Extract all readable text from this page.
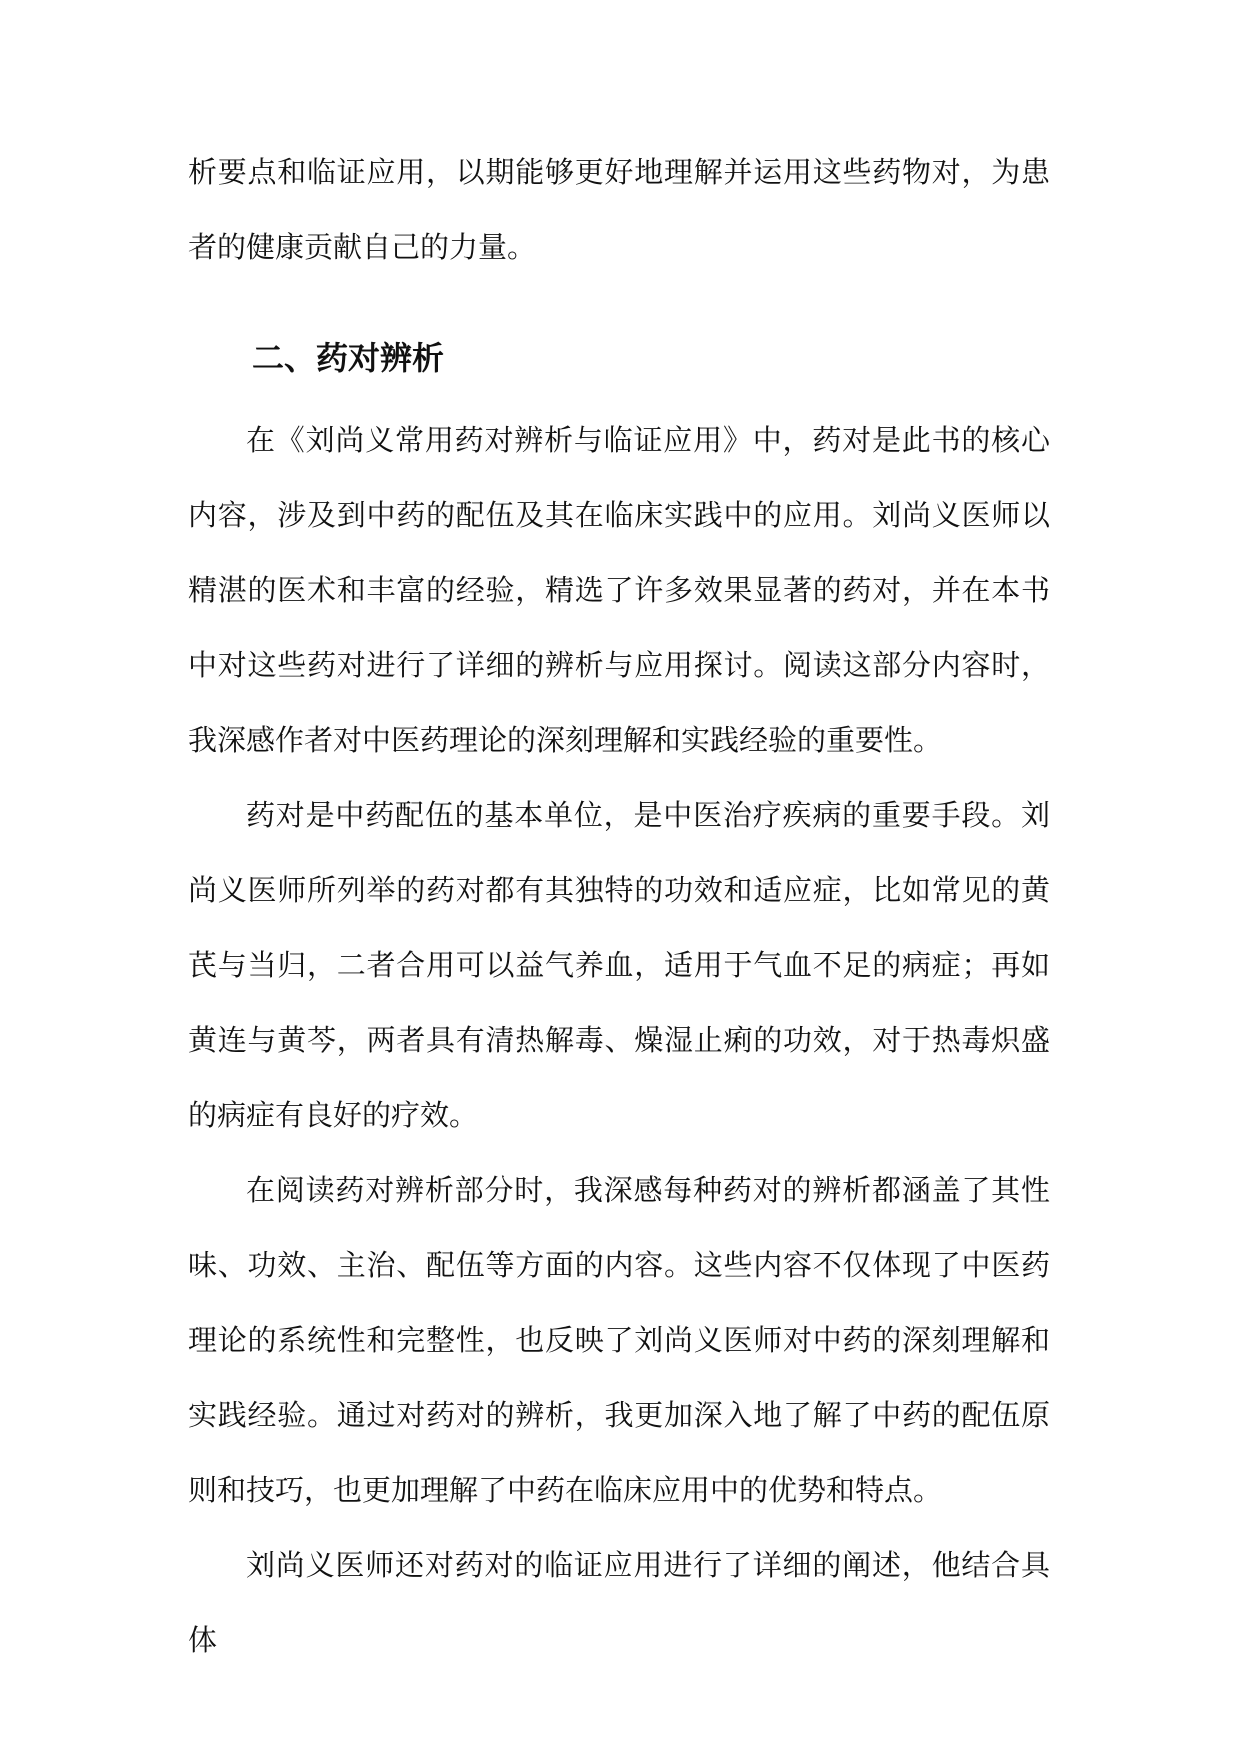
析要点和临证应用，以期能够更好地理解并运用这些药物对，为患者的健康贡献自己的力量。

二、药对辨析

在《刘尚义常用药对辨析与临证应用》中，药对是此书的核心内容，涉及到中药的配伍及其在临床实践中的应用。刘尚义医师以精湛的医术和丰富的经验，精选了许多效果显著的药对，并在本书中对这些药对进行了详细的辨析与应用探讨。阅读这部分内容时，我深感作者对中医药理论的深刻理解和实践经验的重要性。

药对是中药配伍的基本单位，是中医治疗疾病的重要手段。刘尚义医师所列举的药对都有其独特的功效和适应症，比如常见的黄芪与当归，二者合用可以益气养血，适用于气血不足的病症；再如黄连与黄芩，两者具有清热解毒、燥湿止痢的功效，对于热毒炽盛的病症有良好的疗效。

在阅读药对辨析部分时，我深感每种药对的辨析都涵盖了其性味、功效、主治、配伍等方面的内容。这些内容不仅体现了中医药理论的系统性和完整性，也反映了刘尚义医师对中药的深刻理解和实践经验。通过对药对的辨析，我更加深入地了解了中药的配伍原则和技巧，也更加理解了中药在临床应用中的优势和特点。

刘尚义医师还对药对的临证应用进行了详细的阐述，他结合具体
